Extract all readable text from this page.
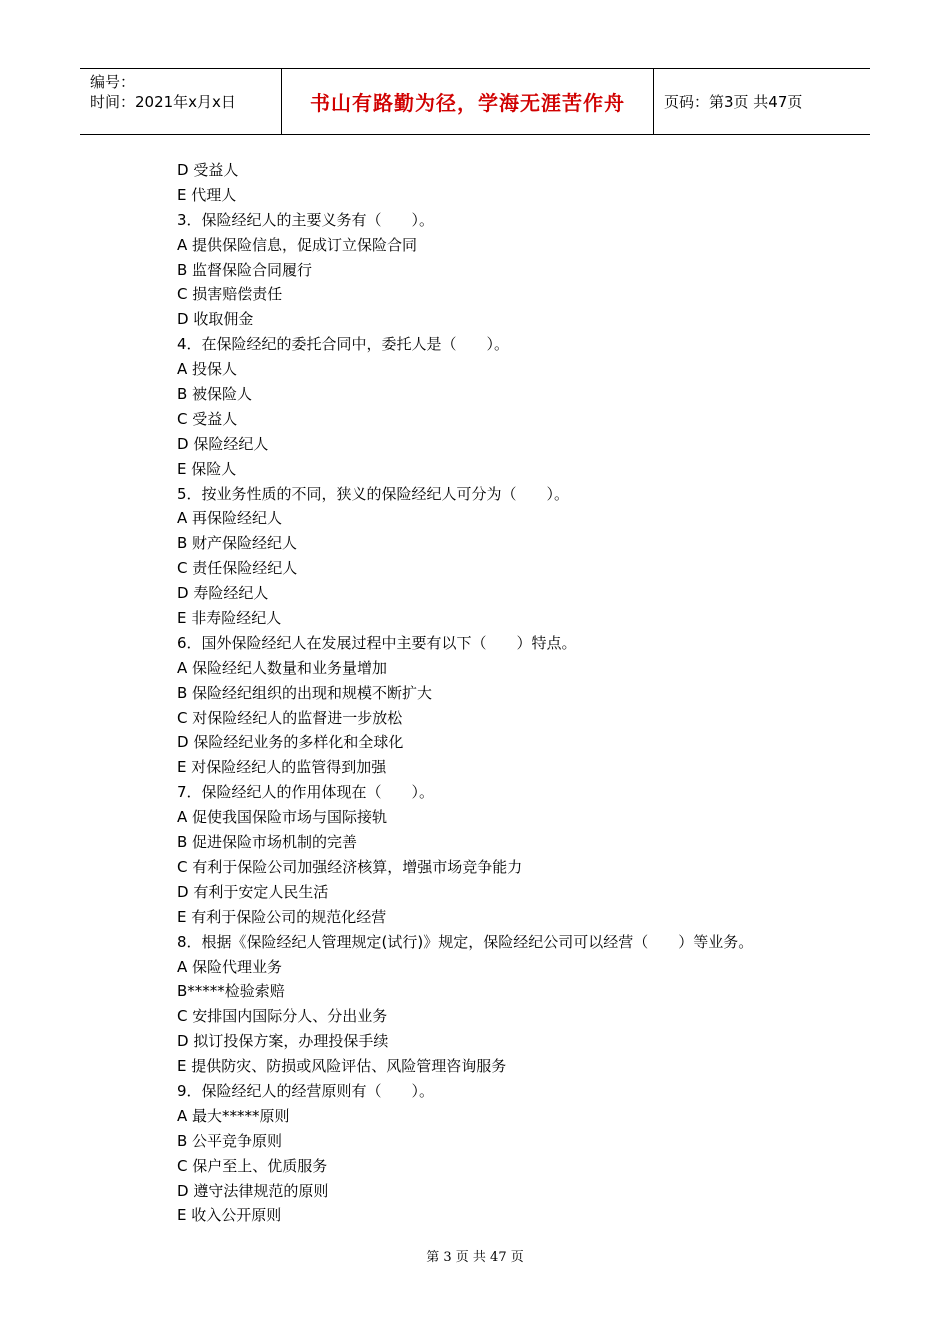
编号：
时间：2021年x月x日	书山有路勤为径，学海无涯苦作舟	页码：第3页 共47页
D 受益人
E 代理人
3．保险经纪人的主要义务有（　　）。
A 提供保险信息，促成订立保险合同
B 监督保险合同履行
C 损害赔偿责任
D 收取佣金
4．在保险经纪的委托合同中，委托人是（　　）。
A 投保人
B 被保险人
C 受益人
D 保险经纪人
E 保险人
5．按业务性质的不同，狭义的保险经纪人可分为（　　）。
A 再保险经纪人
B 财产保险经纪人
C 责任保险经纪人
D 寿险经纪人
E 非寿险经纪人
6．国外保险经纪人在发展过程中主要有以下（　　）特点。
A 保险经纪人数量和业务量增加
B 保险经纪组织的出现和规模不断扩大
C 对保险经纪人的监督进一步放松
D 保险经纪业务的多样化和全球化
E 对保险经纪人的监管得到加强
7．保险经纪人的作用体现在（　　）。
A 促使我国保险市场与国际接轨
B 促进保险市场机制的完善
C 有利于保险公司加强经济核算，增强市场竞争能力
D 有利于安定人民生活
E 有利于保险公司的规范化经营
8．根据《保险经纪人管理规定(试行)》规定，保险经纪公司可以经营（　　）等业务。
A 保险代理业务
B*****检验索赔
C 安排国内国际分人、分出业务
D 拟订投保方案，办理投保手续
E 提供防灾、防损或风险评估、风险管理咨询服务
9．保险经纪人的经营原则有（　　）。
A 最大*****原则
B 公平竞争原则
C 保户至上、优质服务
D 遵守法律规范的原则
E 收入公开原则
第 3 页 共 47 页
